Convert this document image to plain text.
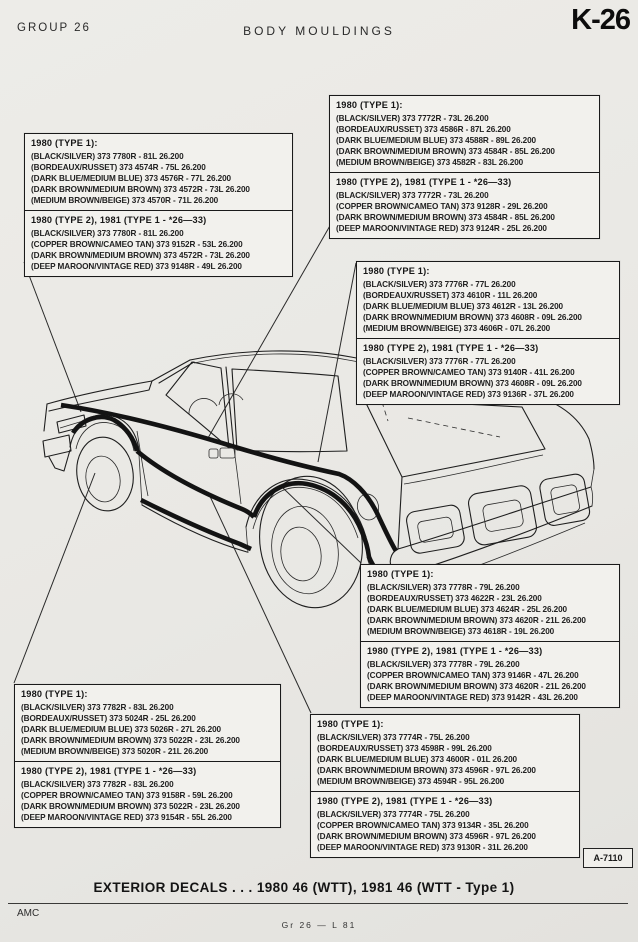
GROUP 26	BODY MOULDINGS	K-26
1980 (TYPE 1):
(BLACK/SILVER) 373 7780R - 81L 26.200
(BORDEAUX/RUSSET) 373 4574R - 75L 26.200
(DARK BLUE/MEDIUM BLUE) 373 4576R - 77L 26.200
(DARK BROWN/MEDIUM BROWN) 373 4572R - 73L 26.200
(MEDIUM BROWN/BEIGE) 373 4570R - 71L 26.200
1980 (TYPE 2), 1981 (TYPE 1 - *26—33)
(BLACK/SILVER) 373 7780R - 81L 26.200
(COPPER BROWN/CAMEO TAN) 373 9152R - 53L 26.200
(DARK BROWN/MEDIUM BROWN) 373 4572R - 73L 26.200
(DEEP MAROON/VINTAGE RED) 373 9148R - 49L 26.200
1980 (TYPE 1):
(BLACK/SILVER) 373 7772R - 73L 26.200
(BORDEAUX/RUSSET) 373 4586R - 87L 26.200
(DARK BLUE/MEDIUM BLUE) 373 4588R - 89L 26.200
(DARK BROWN/MEDIUM BROWN) 373 4584R - 85L 26.200
(MEDIUM BROWN/BEIGE) 373 4582R - 83L 26.200
1980 (TYPE 2), 1981 (TYPE 1 - *26—33)
(BLACK/SILVER) 373 7772R - 73L 26.200
(COPPER BROWN/CAMEO TAN) 373 9128R - 29L 26.200
(DARK BROWN/MEDIUM BROWN) 373 4584R - 85L 26.200
(DEEP MAROON/VINTAGE RED) 373 9124R - 25L 26.200
1980 (TYPE 1):
(BLACK/SILVER) 373 7776R - 77L 26.200
(BORDEAUX/RUSSET) 373 4610R - 11L 26.200
(DARK BLUE/MEDIUM BLUE) 373 4612R - 13L 26.200
(DARK BROWN/MEDIUM BROWN) 373 4608R - 09L 26.200
(MEDIUM BROWN/BEIGE) 373 4606R - 07L 26.200
1980 (TYPE 2), 1981 (TYPE 1 - *26—33)
(BLACK/SILVER) 373 7776R - 77L 26.200
(COPPER BROWN/CAMEO TAN) 373 9140R - 41L 26.200
(DARK BROWN/MEDIUM BROWN) 373 4608R - 09L 26.200
(DEEP MAROON/VINTAGE RED) 373 9136R - 37L 26.200
1980 (TYPE 1):
(BLACK/SILVER) 373 7778R - 79L 26.200
(BORDEAUX/RUSSET) 373 4622R - 23L 26.200
(DARK BLUE/MEDIUM BLUE) 373 4624R - 25L 26.200
(DARK BROWN/MEDIUM BROWN) 373 4620R - 21L 26.200
(MEDIUM BROWN/BEIGE) 373 4618R - 19L 26.200
1980 (TYPE 2), 1981 (TYPE 1 - *26—33)
(BLACK/SILVER) 373 7778R - 79L 26.200
(COPPER BROWN/CAMEO TAN) 373 9146R - 47L 26.200
(DARK BROWN/MEDIUM BROWN) 373 4620R - 21L 26.200
(DEEP MAROON/VINTAGE RED) 373 9142R - 43L 26.200
1980 (TYPE 1):
(BLACK/SILVER) 373 7782R - 83L 26.200
(BORDEAUX/RUSSET) 373 5024R - 25L 26.200
(DARK BLUE/MEDIUM BLUE) 373 5026R - 27L 26.200
(DARK BROWN/MEDIUM BROWN) 373 5022R - 23L 26.200
(MEDIUM BROWN/BEIGE) 373 5020R - 21L 26.200
1980 (TYPE 2), 1981 (TYPE 1 - *26—33)
(BLACK/SILVER) 373 7782R - 83L 26.200
(COPPER BROWN/CAMEO TAN) 373 9158R - 59L 26.200
(DARK BROWN/MEDIUM BROWN) 373 5022R - 23L 26.200
(DEEP MAROON/VINTAGE RED) 373 9154R - 55L 26.200
1980 (TYPE 1):
(BLACK/SILVER) 373 7774R - 75L 26.200
(BORDEAUX/RUSSET) 373 4598R - 99L 26.200
(DARK BLUE/MEDIUM BLUE) 373 4600R - 01L 26.200
(DARK BROWN/MEDIUM BROWN) 373 4596R - 97L 26.200
(MEDIUM BROWN/BEIGE) 373 4594R - 95L 26.200
1980 (TYPE 2), 1981 (TYPE 1 - *26—33)
(BLACK/SILVER) 373 7774R - 75L 26.200
(COPPER BROWN/CAMEO TAN) 373 9134R - 35L 26.200
(DARK BROWN/MEDIUM BROWN) 373 4596R - 97L 26.200
(DEEP MAROON/VINTAGE RED) 373 9130R - 31L 26.200
A-7110
EXTERIOR DECALS . . . 1980 46 (WTT), 1981 46 (WTT - Type 1)
AMC
Gr 26 — L 81
